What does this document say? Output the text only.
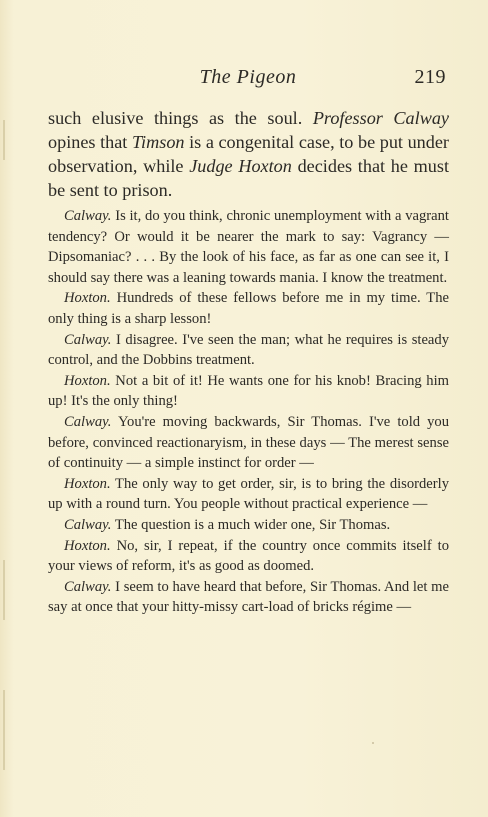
The Pigeon	219

such elusive things as the soul. Professor Calway opines that Timson is a congenital case, to be put under observation, while Judge Hoxton decides that he must be sent to prison.

Calway. Is it, do you think, chronic unemployment with a vagrant tendency? Or would it be nearer the mark to say: Vagrancy — Dipsomaniac? . . . By the look of his face, as far as one can see it, I should say there was a leaning towards mania. I know the treatment.

Hoxton. Hundreds of these fellows before me in my time. The only thing is a sharp lesson!

Calway. I disagree. I've seen the man; what he requires is steady control, and the Dobbins treatment.

Hoxton. Not a bit of it! He wants one for his knob! Bracing him up! It's the only thing!

Calway. You're moving backwards, Sir Thomas. I've told you before, convinced reactionaryism, in these days — The merest sense of continuity — a simple instinct for order —

Hoxton. The only way to get order, sir, is to bring the disorderly up with a round turn. You people without practical experience —

Calway. The question is a much wider one, Sir Thomas.

Hoxton. No, sir, I repeat, if the country once commits itself to your views of reform, it's as good as doomed.

Calway. I seem to have heard that before, Sir Thomas. And let me say at once that your hitty-missy cart-load of bricks régime —
